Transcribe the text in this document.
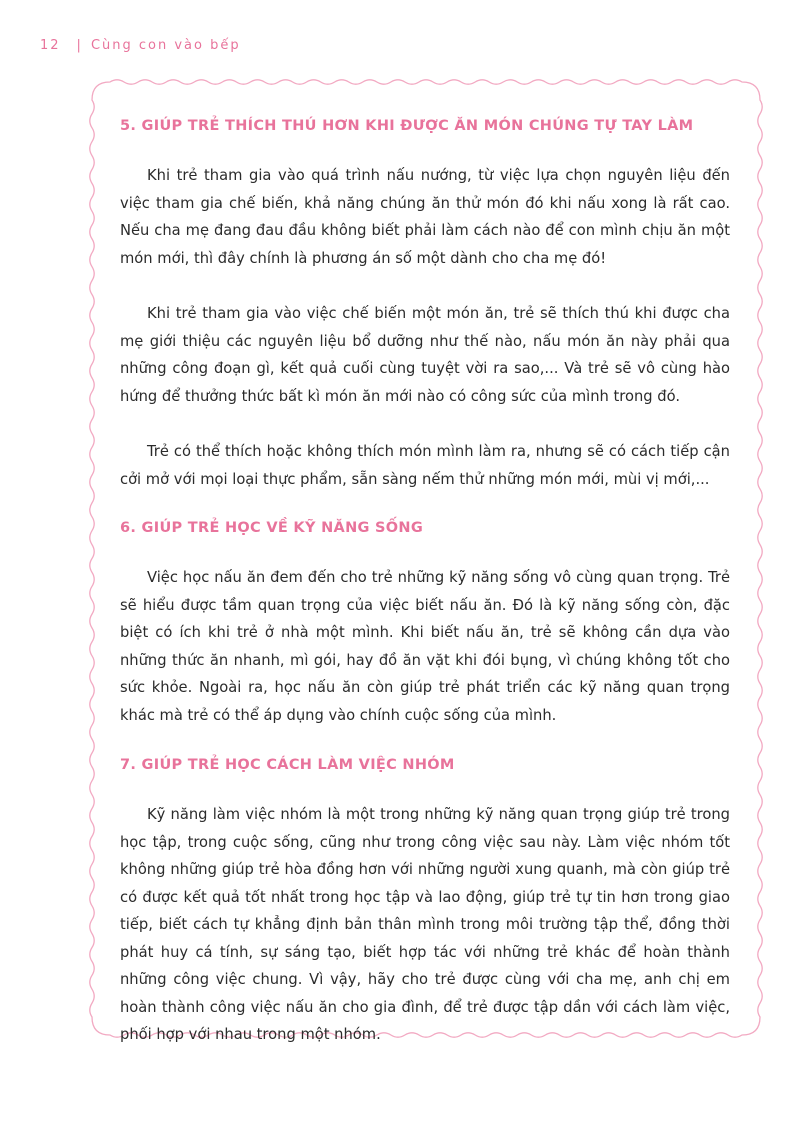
12 | Cùng con vào bếp
5. GIÚP TRẺ THÍCH THÚ HƠN KHI ĐƯỢC ĂN MÓN CHÚNG TỰ TAY LÀM

Khi trẻ tham gia vào quá trình nấu nướng, từ việc lựa chọn nguyên liệu đến việc tham gia chế biến, khả năng chúng ăn thử món đó khi nấu xong là rất cao. Nếu cha mẹ đang đau đầu không biết phải làm cách nào để con mình chịu ăn một món mới, thì đây chính là phương án số một dành cho cha mẹ đó!

Khi trẻ tham gia vào việc chế biến một món ăn, trẻ sẽ thích thú khi được cha mẹ giới thiệu các nguyên liệu bổ dưỡng như thế nào, nấu món ăn này phải qua những công đoạn gì, kết quả cuối cùng tuyệt vời ra sao,... Và trẻ sẽ vô cùng hào hứng để thưởng thức bất kì món ăn mới nào có công sức của mình trong đó.

Trẻ có thể thích hoặc không thích món mình làm ra, nhưng sẽ có cách tiếp cận cởi mở với mọi loại thực phẩm, sẵn sàng nếm thử những món mới, mùi vị mới,...

6. GIÚP TRẺ HỌC VỀ KỸ NĂNG SỐNG

Việc học nấu ăn đem đến cho trẻ những kỹ năng sống vô cùng quan trọng. Trẻ sẽ hiểu được tầm quan trọng của việc biết nấu ăn. Đó là kỹ năng sống còn, đặc biệt có ích khi trẻ ở nhà một mình. Khi biết nấu ăn, trẻ sẽ không cần dựa vào những thức ăn nhanh, mì gói, hay đồ ăn vặt khi đói bụng, vì chúng không tốt cho sức khỏe. Ngoài ra, học nấu ăn còn giúp trẻ phát triển các kỹ năng quan trọng khác mà trẻ có thể áp dụng vào chính cuộc sống của mình.

7. GIÚP TRẺ HỌC CÁCH LÀM VIỆC NHÓM

Kỹ năng làm việc nhóm là một trong những kỹ năng quan trọng giúp trẻ trong học tập, trong cuộc sống, cũng như trong công việc sau này. Làm việc nhóm tốt không những giúp trẻ hòa đồng hơn với những người xung quanh, mà còn giúp trẻ có được kết quả tốt nhất trong học tập và lao động, giúp trẻ tự tin hơn trong giao tiếp, biết cách tự khẳng định bản thân mình trong môi trường tập thể, đồng thời phát huy cá tính, sự sáng tạo, biết hợp tác với những trẻ khác để hoàn thành những công việc chung. Vì vậy, hãy cho trẻ được cùng với cha mẹ, anh chị em hoàn thành công việc nấu ăn cho gia đình, để trẻ được tập dần với cách làm việc, phối hợp với nhau trong một nhóm.
